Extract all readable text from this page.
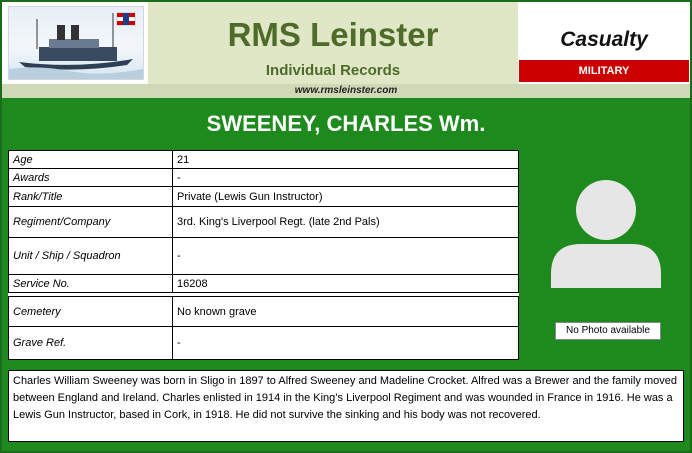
RMS Leinster
Individual Records
Casualty
MILITARY
www.rmsleinster.com
SWEENEY, CHARLES Wm.
Age	21
Awards	-
Rank/Title	Private (Lewis Gun Instructor)
Regiment/Company	3rd. King's Liverpool Regt. (late 2nd Pals)
Unit / Ship / Squadron	-
Service No.	16208

Cemetery	No known grave
Grave Ref.	-
No Photo available
Charles William Sweeney was born in Sligo in 1897 to Alfred Sweeney and Madeline Crocket. Alfred was a Brewer and the family moved between England and Ireland. Charles enlisted in 1914 in the King’s Liverpool Regiment and was wounded in France in 1916. He was a Lewis Gun Instructor, based in Cork, in 1918. He did not survive the sinking and his body was not recovered.
